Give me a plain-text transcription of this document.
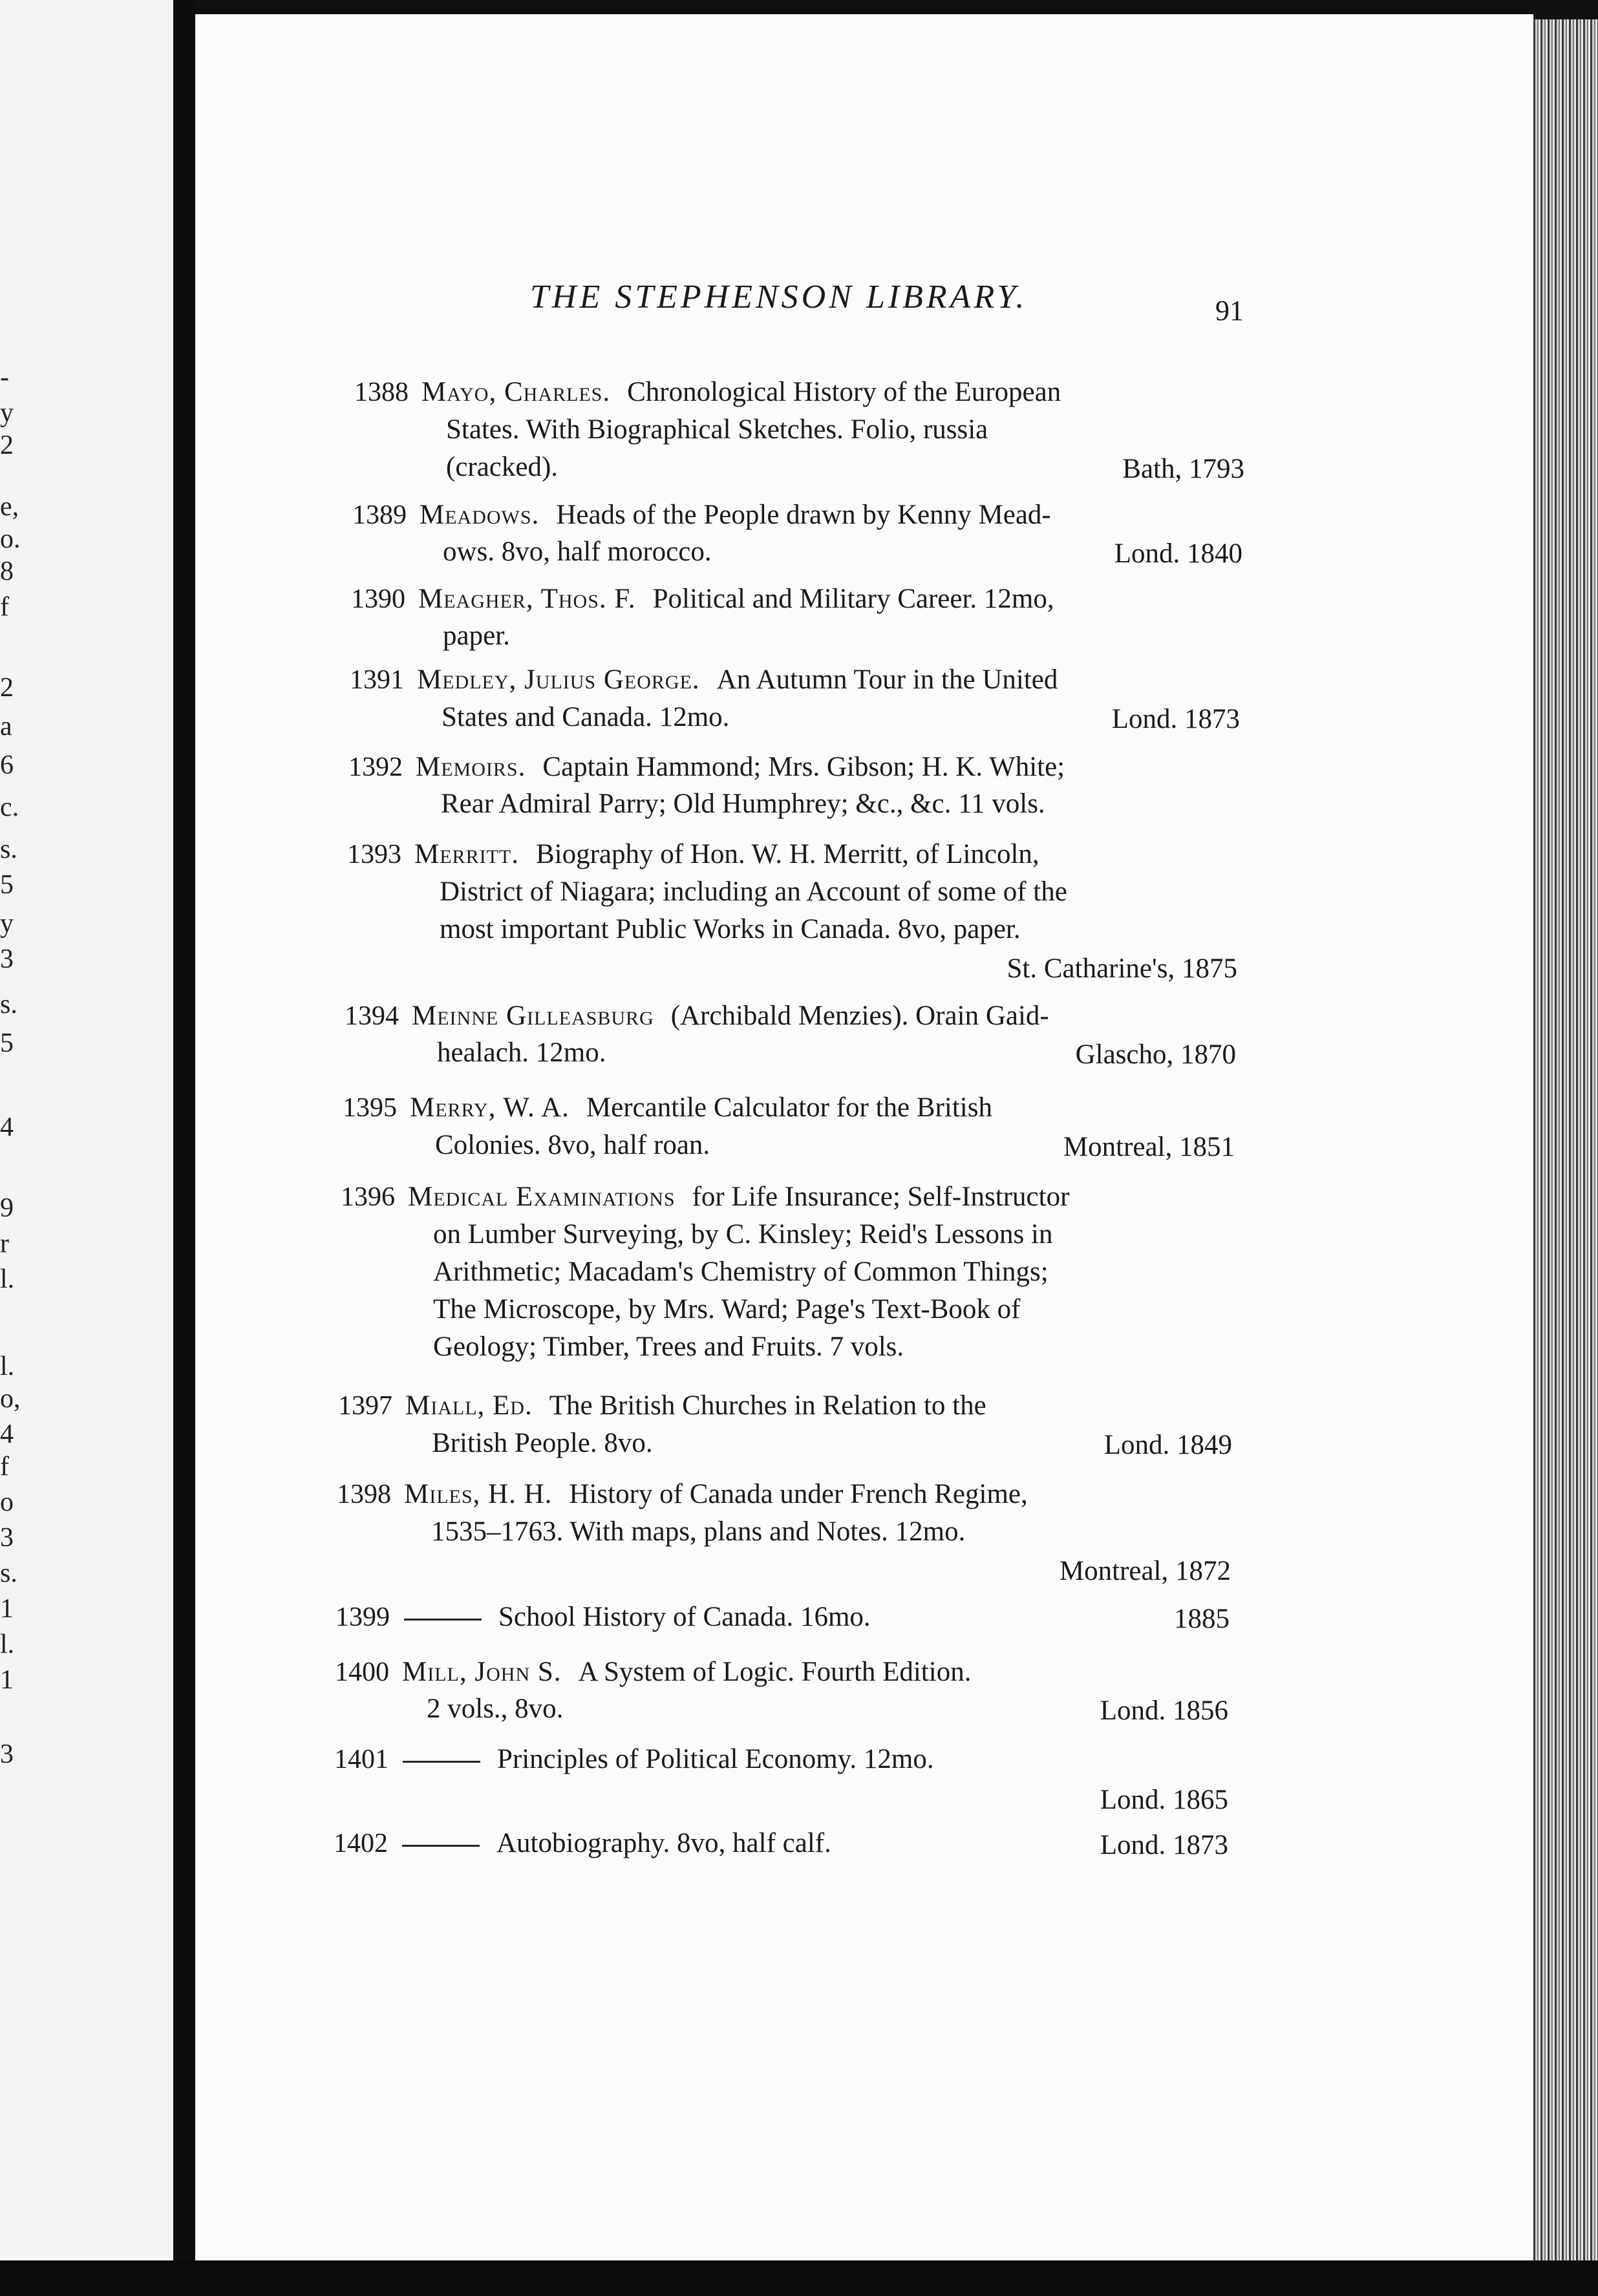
-
y
2
e,
o.
8
f
2
a
6
c.
s.
5
y
3
s.
5
4
9
r
l.
l.
o,
4
f
o
3
s.
1
l.
1
3
THE STEPHENSON LIBRARY.	91
1388 Mayo, Charles. Chronological History of the European
States. With Biographical Sketches. Folio, russia
(cracked).	Bath, 1793
1389 Meadows. Heads of the People drawn by Kenny Mead-
ows. 8vo, half morocco.	Lond. 1840
1390 Meagher, Thos. F. Political and Military Career. 12mo,
paper.
1391 Medley, Julius George. An Autumn Tour in the United
States and Canada. 12mo.	Lond. 1873
1392 Memoirs. Captain Hammond; Mrs. Gibson; H. K. White;
Rear Admiral Parry; Old Humphrey; &c., &c. 11 vols.
1393 Merritt. Biography of Hon. W. H. Merritt, of Lincoln,
District of Niagara; including an Account of some of the
most important Public Works in Canada. 8vo, paper.
St. Catharine's, 1875
1394 Meinne Gilleasburg (Archibald Menzies). Orain Gaid-
healach. 12mo.	Glascho, 1870
1395 Merry, W. A. Mercantile Calculator for the British
Colonies. 8vo, half roan.	Montreal, 1851
1396 Medical Examinations for Life Insurance; Self-Instructor
on Lumber Surveying, by C. Kinsley; Reid's Lessons in
Arithmetic; Macadam's Chemistry of Common Things;
The Microscope, by Mrs. Ward; Page's Text-Book of
Geology; Timber, Trees and Fruits. 7 vols.
1397 Miall, Ed. The British Churches in Relation to the
British People. 8vo.	Lond. 1849
1398 Miles, H. H. History of Canada under French Regime,
1535–1763. With maps, plans and Notes. 12mo.
Montreal, 1872
1399	School History of Canada. 16mo.	1885
1400 Mill, John S. A System of Logic. Fourth Edition.
2 vols., 8vo.	Lond. 1856
1401	Principles of Political Economy. 12mo.
Lond. 1865
1402	Autobiography. 8vo, half calf.	Lond. 1873
